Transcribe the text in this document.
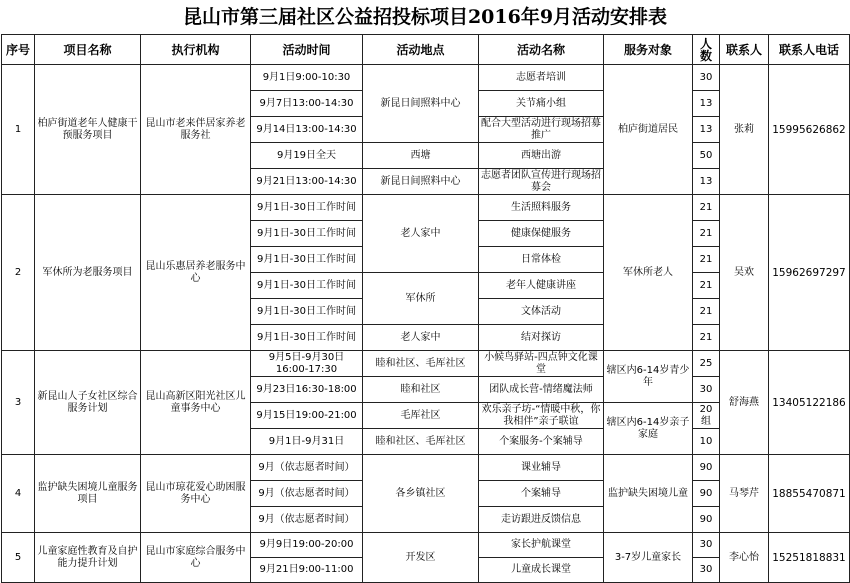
昆山市第三届社区公益招投标项目2016年9月活动安排表
序号	项目名称	执行机构	活动时间	活动地点	活动名称	服务对象	人数	联系人	联系人电话
1	柏庐街道老年人健康干预服务项目	昆山市老来伴居家养老服务社	9月1日9:00-10:30	新昆日间照料中心	志愿者培训	柏庐街道居民	30	张莉	15995626862
			9月7日13:00-14:30		关节痛小组		13		
			9月14日13:00-14:30		配合大型活动进行现场招募推广		13		
			9月19日全天	西塘	西塘出游		50		
			9月21日13:00-14:30	新昆日间照料中心	志愿者团队宣传进行现场招募会		13		
2	军休所为老服务项目	昆山乐惠居养老服务中心	9月1日-30日工作时间	老人家中	生活照料服务	军休所老人	21	吴欢	15962697297
			9月1日-30日工作时间		健康保健服务		21		
			9月1日-30日工作时间		日常体检		21		
			9月1日-30日工作时间	军休所	老年人健康讲座		21		
			9月1日-30日工作时间		文体活动		21		
			9月1日-30日工作时间	老人家中	结对探访		21		
3	新昆山人子女社区综合服务计划	昆山高新区阳光社区儿童事务中心	9月5日-9月30日 16:00-17:30	睦和社区、毛厍社区	小候鸟驿站-四点钟文化课堂	辖区内6-14岁青少年	25	舒海燕	13405122186
			9月23日16:30-18:00	睦和社区	团队成长营-情绪魔法师		30		
			9月15日19:00-21:00	毛厍社区	欢乐亲子坊-“情暖中秋，你我相伴”亲子联谊	辖区内6-14岁亲子家庭	20组		
			9月1日-9月31日	睦和社区、毛厍社区	个案服务-个案辅导		10		
4	监护缺失困境儿童服务项目	昆山市琼花爱心助困服务中心	9月（依志愿者时间）	各乡镇社区	课业辅导	监护缺失困境儿童	90	马琴芹	18855470871
			9月（依志愿者时间）		个案辅导		90		
			9月（依志愿者时间）		走访跟进反馈信息		90		
5	儿童家庭性教育及自护能力提升计划	昆山市家庭综合服务中心	9月9日19:00-20:00	开发区	家长护航课堂	3-7岁儿童家长	30	李心怡	15251818831
			9月21日9:00-11:00		儿童成长课堂		30		
